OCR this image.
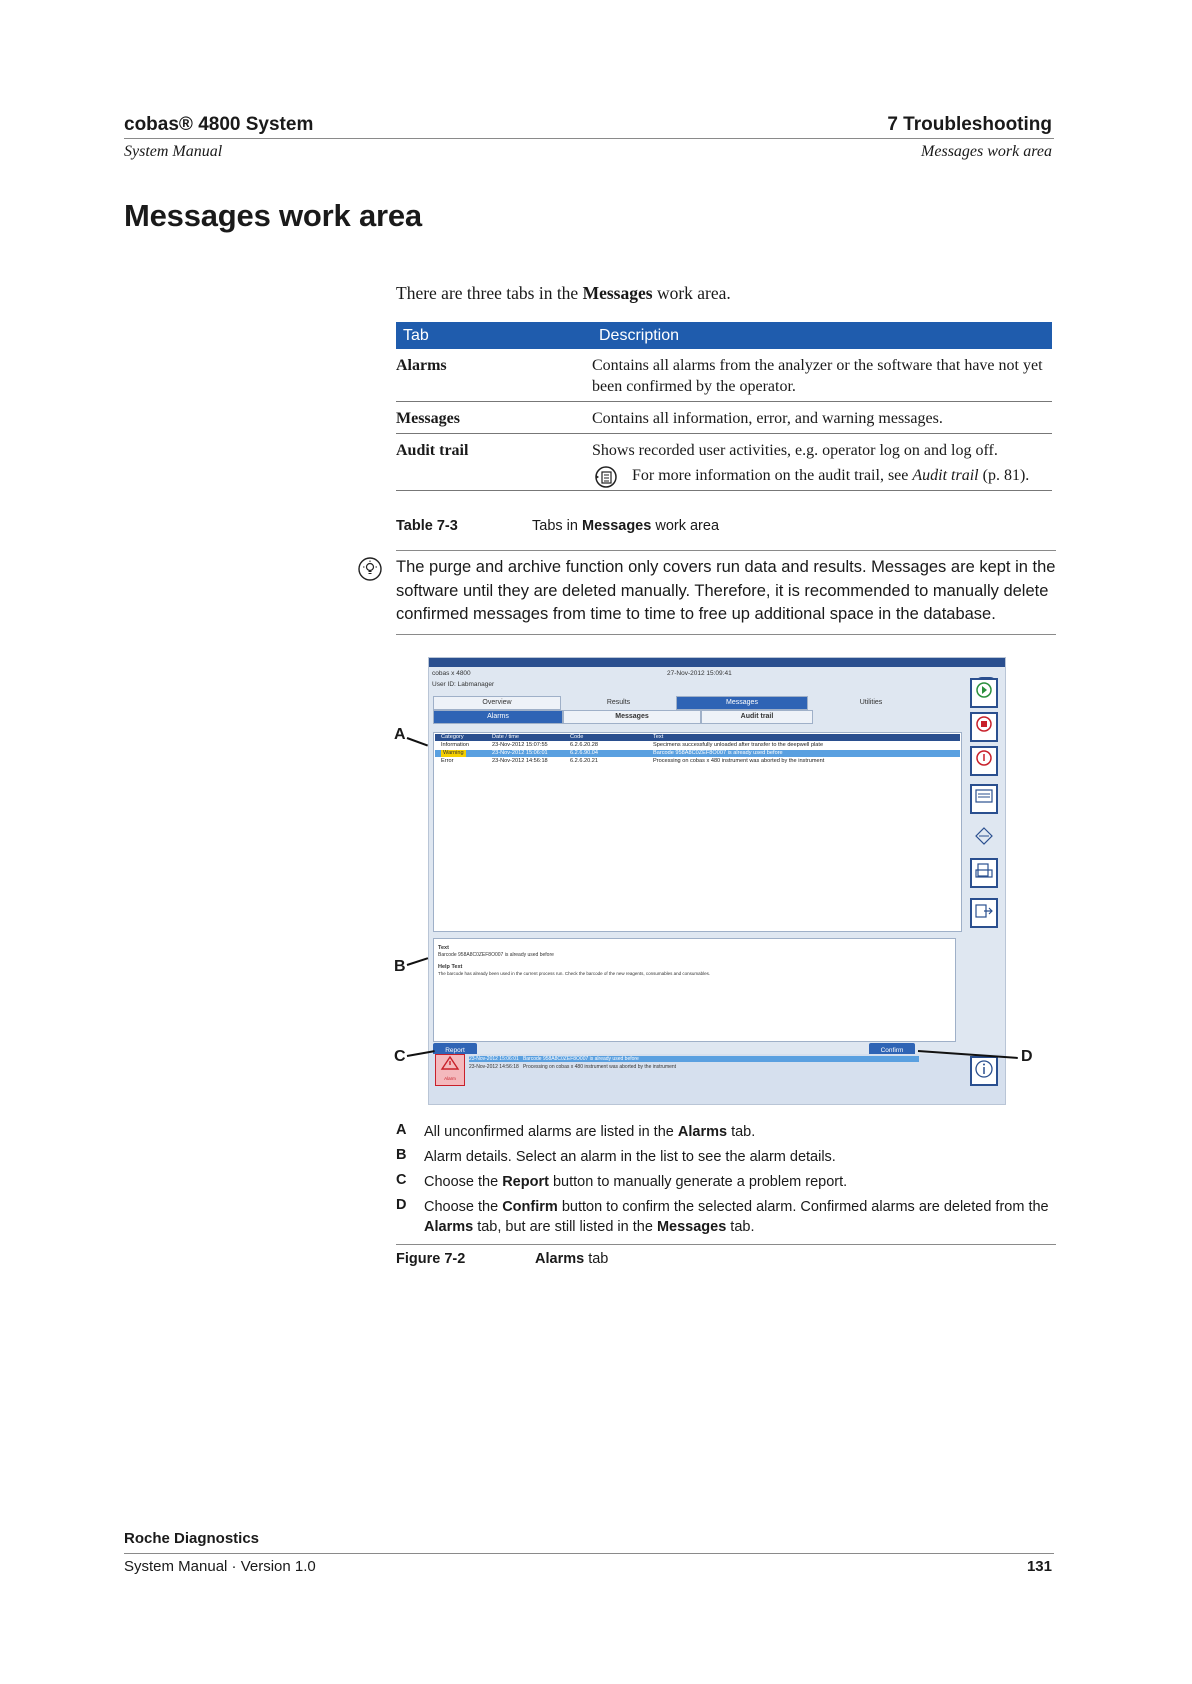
cobas® 4800 System
System Manual
7 Troubleshooting
Messages work area
Messages work area
There are three tabs in the Messages work area.
Tab	Description
Alarms	Contains all alarms from the analyzer or the software that have not yet been confirmed by the operator.
Messages	Contains all information, error, and warning messages.
Audit trail	Shows recorded user activities, e.g. operator log on and log off.
For more information on the audit trail, see Audit trail (p. 81).
Table 7-3	Tabs in Messages work area
The purge and archive function only covers run data and results. Messages are kept in the software until they are deleted manually. Therefore, it is recommended to manually delete confirmed messages from time to time to free up additional space in the database.
cobas x 4800
User ID: Labmanager
27-Nov-2012 15:09:41
Overview	Results	Messages	Utilities
Alarms	Messages	Audit trail
Category	Date / time	Code	Text
Information	23-Nov-2012 15:07:55	6.2.6.20.28	Specimens successfully unloaded after transfer to the deepwell plate
Warning	23-Nov-2012 15:06:01	6.2.6.90.04	Barcode 958A8C0ZEF8O007 is already used before
Error	23-Nov-2012 14:56:18	6.2.6.20.21	Processing on cobas x 480 instrument was aborted by the instrument
Text
Barcode 958A8C0ZEF8O007 is already used before
Help Text
The barcode has already been used in the current process run. Check the barcode of the new reagents, consumables and consumables.
Report	Confirm
23-Nov-2012 15:06:01 Barcode 958A8C0ZEF8O007 is already used before
23-Nov-2012 14:56:18 Processing on cobas x 480 instrument was aborted by the instrument
Alarm
A
B
C	D
A All unconfirmed alarms are listed in the Alarms tab.
B Alarm details. Select an alarm in the list to see the alarm details.
C Choose the Report button to manually generate a problem report.
D Choose the Confirm button to confirm the selected alarm. Confirmed alarms are deleted from the Alarms tab, but are still listed in the Messages tab.
Figure 7-2	Alarms tab
Roche Diagnostics
System Manual · Version 1.0	131
